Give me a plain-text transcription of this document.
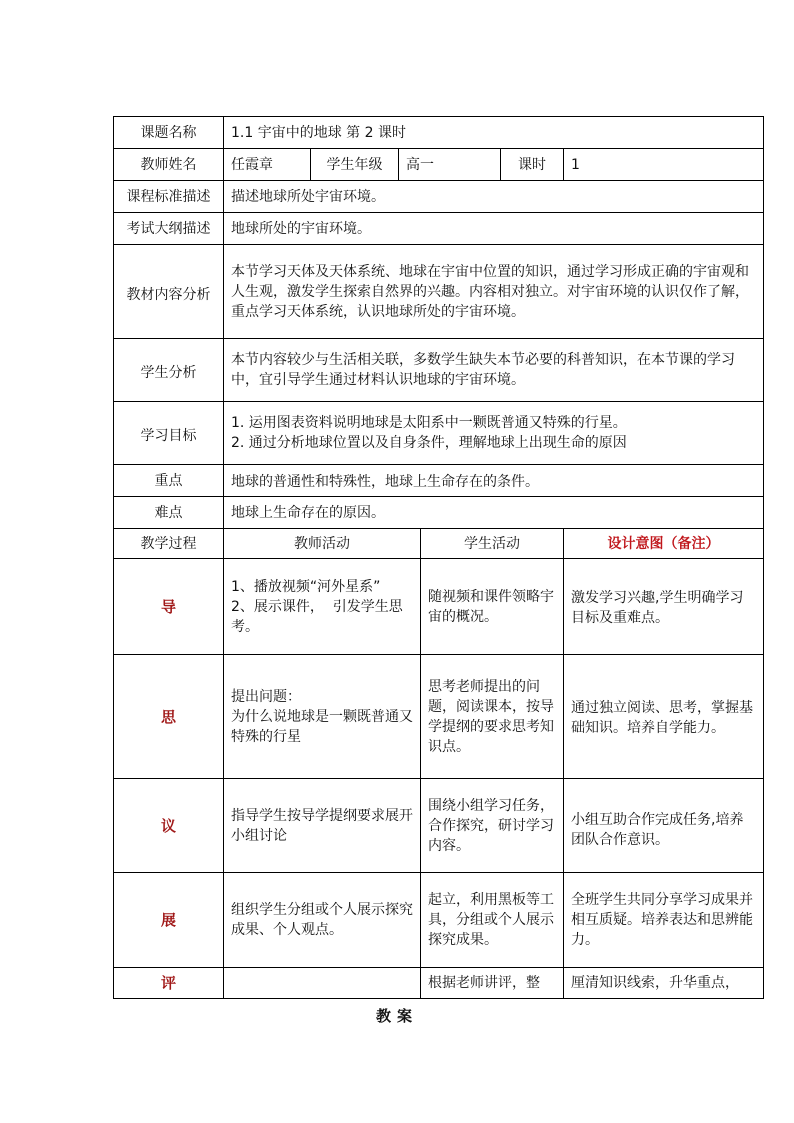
课题名称	1.1 宇宙中的地球 第 2 课时					
教师姓名	任霞章	学生年级	高一		课时	1
课程标准描述	描述地球所处宇宙环境。					
考试大纲描述	地球所处的宇宙环境。					
教材内容分析	本节学习天体及天体系统、地球在宇宙中位置的知识，通过学习形成正确的宇宙观和人生观，激发学生探索自然界的兴趣。内容相对独立。对宇宙环境的认识仅作了解，重点学习天体系统，认识地球所处的宇宙环境。					
学生分析	本节内容较少与生活相关联，多数学生缺失本节必要的科普知识，在本节课的学习中，宜引导学生通过材料认识地球的宇宙环境。					
学习目标	1. 运用图表资料说明地球是太阳系中一颗既普通又特殊的行星。
2. 通过分析地球位置以及自身条件，理解地球上出现生命的原因					

重点	地球的普通性和特殊性，地球上生命存在的条件。					
难点	地球上生命存在的原因。					
教学过程	教师活动			学生活动		设计意图（备注）
导	1、播放视频“河外星系”
2、展示课件，  引发学生思考。			随视频和课件领略宇宙的概况。		激发学习兴趣,学生明确学习目标及重难点。
思	提出问题：
为什么说地球是一颗既普通又特殊的行星			思考老师提出的问题，阅读课本，按导学提纲的要求思考知识点。		通过独立阅读、思考，掌握基础知识。培养自学能力。
议	指导学生按导学提纲要求展开小组讨论			围绕小组学习任务，合作探究，研讨学习内容。		小组互助合作完成任务,培养团队合作意识。
展	组织学生分组或个人展示探究成果、个人观点。			起立，利用黑板等工具，分组或个人展示探究成果。		全班学生共同分享学习成果并相互质疑。培养表达和思辨能力。
评				根据老师讲评，整		厘清知识线索，升华重点，
教案
